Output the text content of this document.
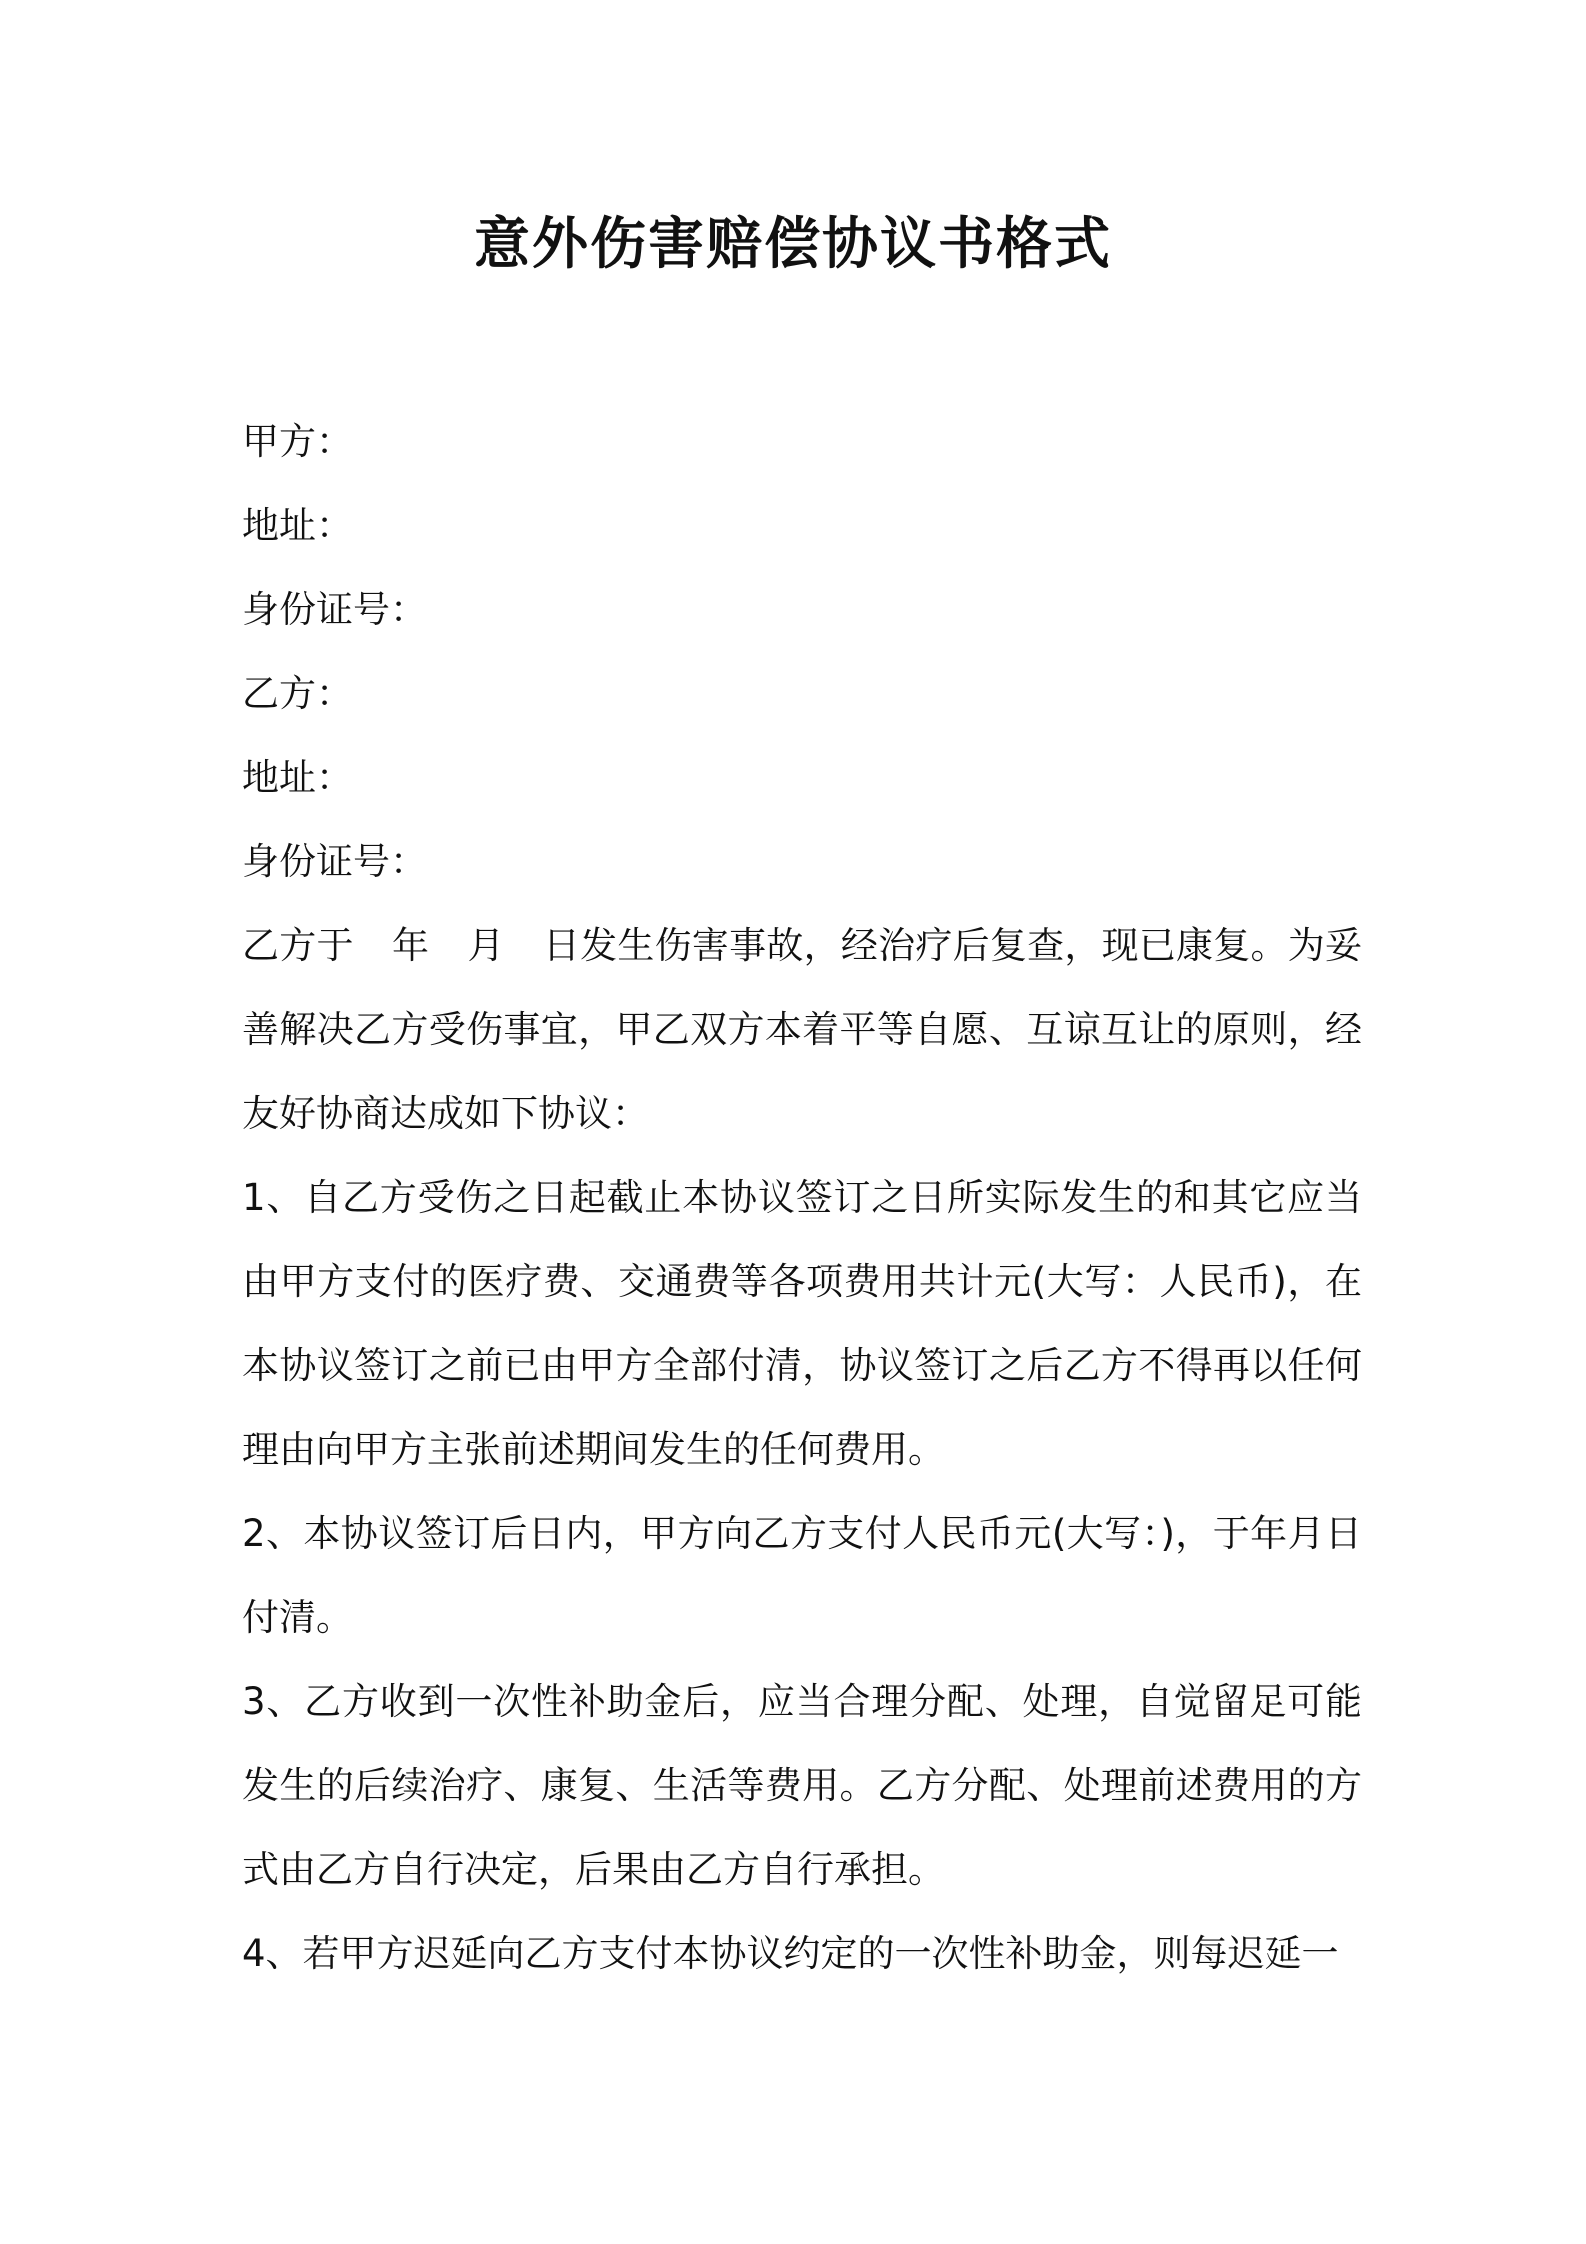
意外伤害赔偿协议书格式
甲方：
地址：
身份证号：
乙方：
地址：
身份证号：

乙方于 年 月 日发生伤害事故，经治疗后复查，现已康复。为妥善解决乙方受伤事宜，甲乙双方本着平等自愿、互谅互让的原则，经友好协商达成如下协议：

1、自乙方受伤之日起截止本协议签订之日所实际发生的和其它应当由甲方支付的医疗费、交通费等各项费用共计元(大写：人民币)，在本协议签订之前已由甲方全部付清，协议签订之后乙方不得再以任何理由向甲方主张前述期间发生的任何费用。

2、本协议签订后日内，甲方向乙方支付人民币元(大写：)，于年月日付清。

3、乙方收到一次性补助金后，应当合理分配、处理，自觉留足可能发生的后续治疗、康复、生活等费用。乙方分配、处理前述费用的方式由乙方自行决定，后果由乙方自行承担。

4、若甲方迟延向乙方支付本协议约定的一次性补助金，则每迟延一
